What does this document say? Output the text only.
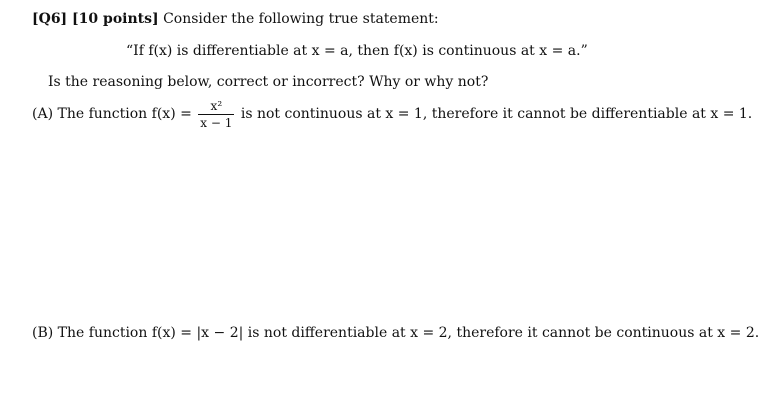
[Q6] [10 points] Consider the following true statement:
“If f(x) is differentiable at x = a, then f(x) is continuous at x = a.”
Is the reasoning below, correct or incorrect? Why or why not?
(A) The function $f(x) = \frac{\text{x²}}{x - 1}$ is not continuous at x = 1, therefore it cannot be differentiable at x = 1.
(B) The function f(x) = |x − 2| is not differentiable at x = 2, therefore it cannot be continuous at x = 2.
